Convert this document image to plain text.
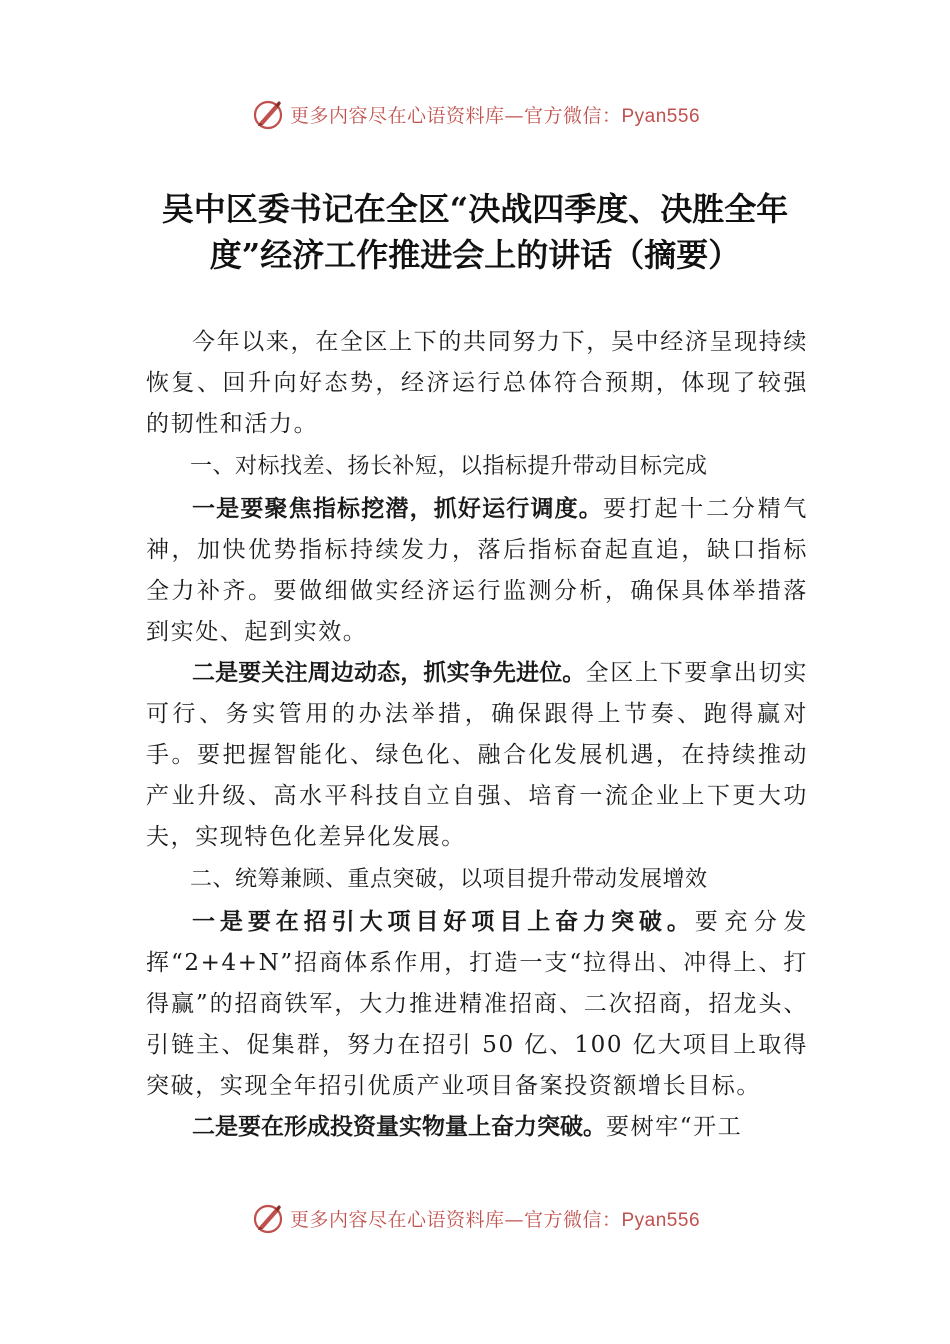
更多内容尽在心语资料库—官方微信：Pyan556
吴中区委书记在全区“决战四季度、决胜全年度”经济工作推进会上的讲话（摘要）

今年以来，在全区上下的共同努力下，吴中经济呈现持续恢复、回升向好态势，经济运行总体符合预期，体现了较强的韧性和活力。

一、对标找差、扬长补短，以指标提升带动目标完成

一是要聚焦指标挖潜，抓好运行调度。要打起十二分精气神，加快优势指标持续发力，落后指标奋起直追，缺口指标全力补齐。要做细做实经济运行监测分析，确保具体举措落到实处、起到实效。

二是要关注周边动态，抓实争先进位。全区上下要拿出切实可行、务实管用的办法举措，确保跟得上节奏、跑得赢对手。要把握智能化、绿色化、融合化发展机遇，在持续推动产业升级、高水平科技自立自强、培育一流企业上下更大功夫，实现特色化差异化发展。

二、统筹兼顾、重点突破，以项目提升带动发展增效

一是要在招引大项目好项目上奋力突破。要充分发挥“2+4+N”招商体系作用，打造一支“拉得出、冲得上、打得赢”的招商铁军，大力推进精准招商、二次招商，招龙头、引链主、促集群，努力在招引 50 亿、100 亿大项目上取得突破，实现全年招引优质产业项目备案投资额增长目标。

二是要在形成投资量实物量上奋力突破。要树牢“开工

更多内容尽在心语资料库—官方微信：Pyan556
